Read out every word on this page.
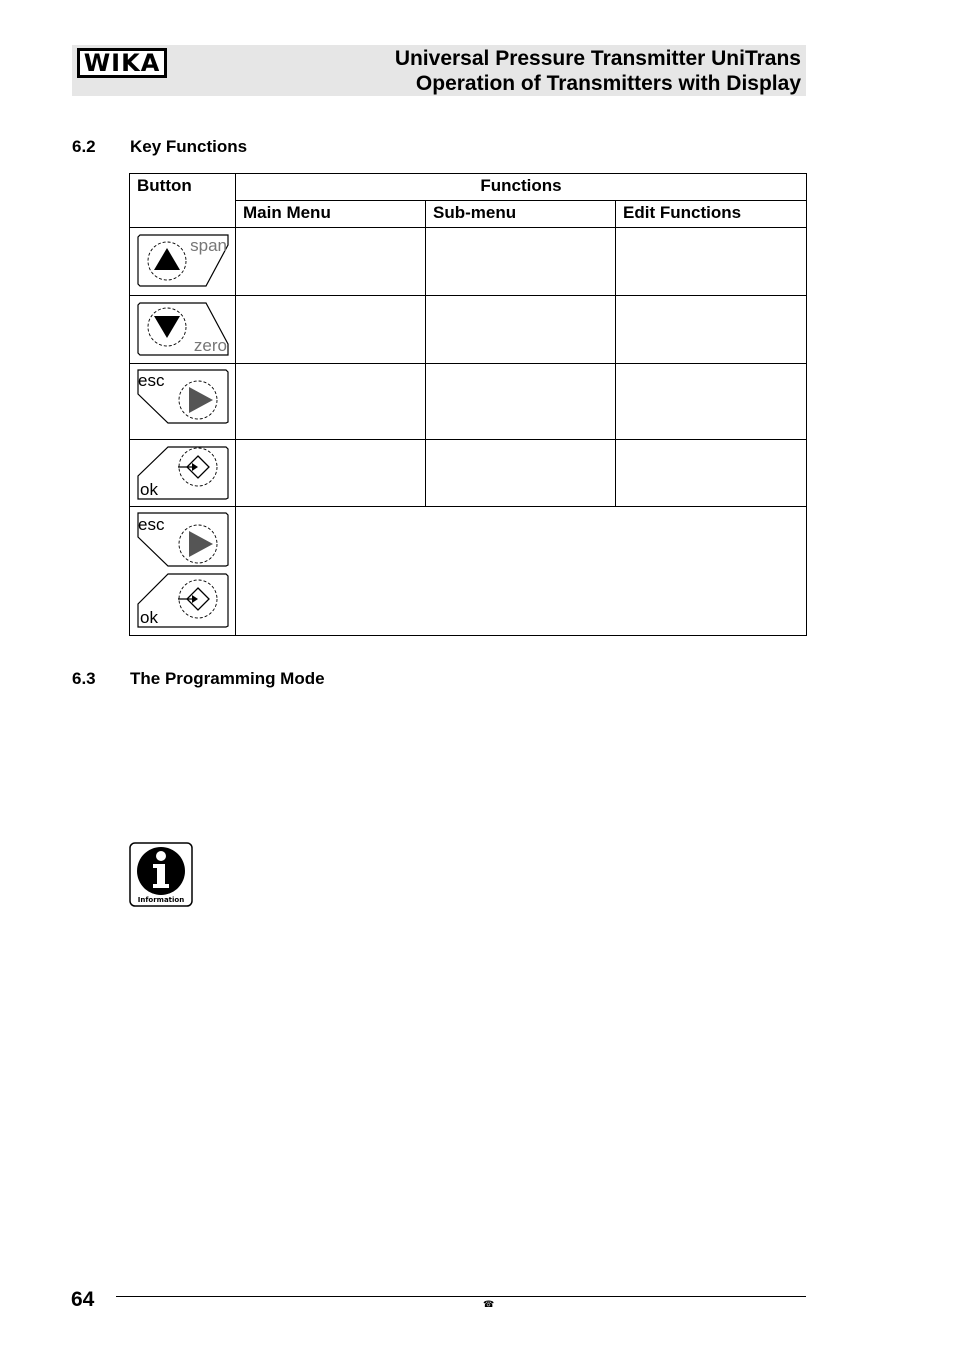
WIKA	Universal Pressure Transmitter UniTrans
Operation of Transmitters with Display
6.2 Key Functions
Button	Functions		

	Main Menu	Sub-menu	Edit Functions

span			

zero			

esc			

ok			

esc
ok			

6.3 The Programming Mode
Information
64	☎
